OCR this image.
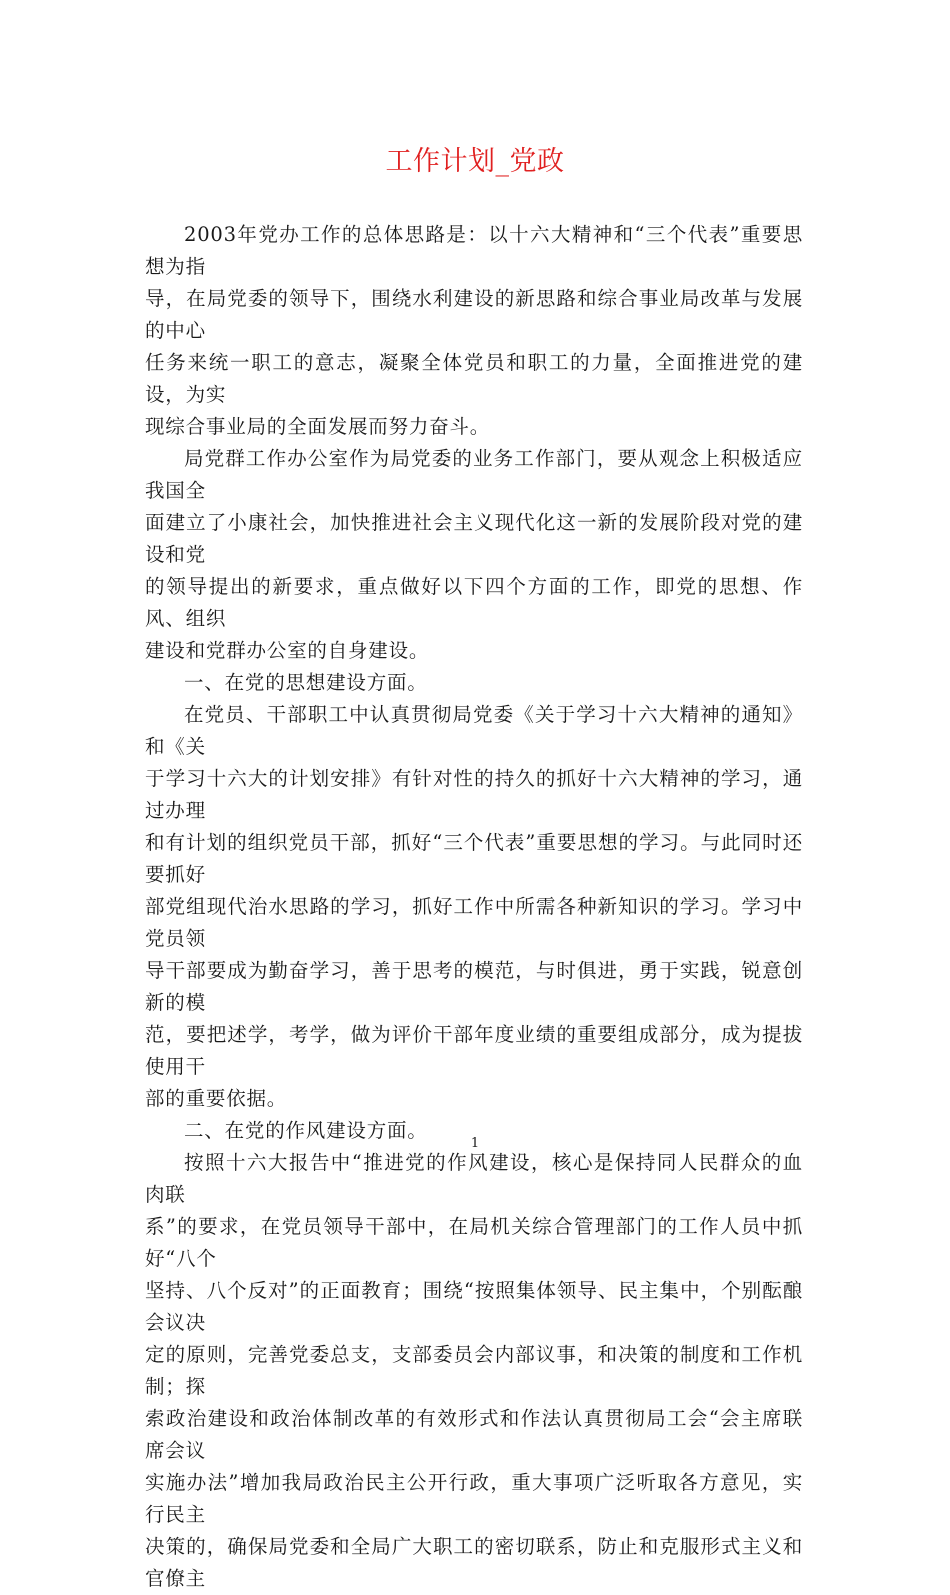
工作计划_党政

2003年党办工作的总体思路是：以十六大精神和“三个代表”重要思想为指
导，在局党委的领导下，围绕水利建设的新思路和综合事业局改革与发展的中心
任务来统一职工的意志，凝聚全体党员和职工的力量，全面推进党的建设，为实
现综合事业局的全面发展而努力奋斗。

局党群工作办公室作为局党委的业务工作部门，要从观念上积极适应我国全
面建立了小康社会，加快推进社会主义现代化这一新的发展阶段对党的建设和党
的领导提出的新要求，重点做好以下四个方面的工作，即党的思想、作风、组织
建设和党群办公室的自身建设。

一、在党的思想建设方面。

在党员、干部职工中认真贯彻局党委《关于学习十六大精神的通知》和《关
于学习十六大的计划安排》有针对性的持久的抓好十六大精神的学习，通过办理
和有计划的组织党员干部，抓好“三个代表”重要思想的学习。与此同时还要抓好
部党组现代治水思路的学习，抓好工作中所需各种新知识的学习。学习中党员领
导干部要成为勤奋学习，善于思考的模范，与时俱进，勇于实践，锐意创新的模
范，要把述学，考学，做为评价干部年度业绩的重要组成部分，成为提拔使用干
部的重要依据。

二、在党的作风建设方面。

按照十六大报告中“推进党的作风建设，核心是保持同人民群众的血肉联
系”的要求，在党员领导干部中，在局机关综合管理部门的工作人员中抓好“八个
坚持、八个反对”的正面教育；围绕“按照集体领导、民主集中，个别酝酿会议决
定的原则，完善党委总支，支部委员会内部议事，和决策的制度和工作机制；探
索政治建设和政治体制改革的有效形式和作法认真贯彻局工会“会主席联席会议
实施办法”增加我局政治民主公开行政，重大事项广泛听取各方意见，实行民主
决策的，确保局党委和全局广大职工的密切联系，防止和克服形式主义和官僚主

1
